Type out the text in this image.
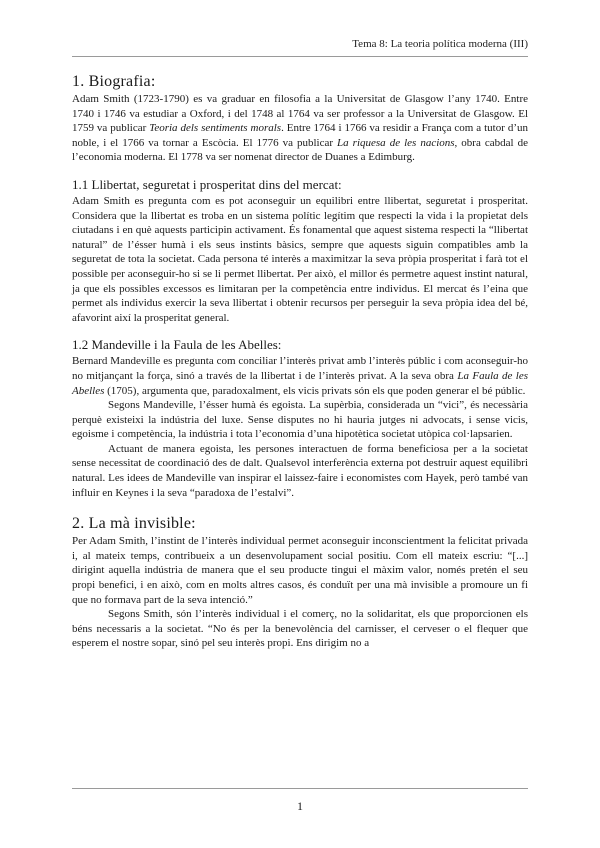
Tema 8: La teoria política moderna (III)
1. Biografia:

Adam Smith (1723-1790) es va graduar en filosofia a la Universitat de Glasgow l’any 1740. Entre 1740 i 1746 va estudiar a Oxford, i del 1748 al 1764 va ser professor a la Universitat de Glasgow. El 1759 va publicar Teoria dels sentiments morals. Entre 1764 i 1766 va residir a França com a tutor d’un noble, i el 1766 va tornar a Escòcia. El 1776 va publicar La riquesa de les nacions, obra cabdal de l’economia moderna. El 1778 va ser nomenat director de Duanes a Edimburg.

1.1 Llibertat, seguretat i prosperitat dins del mercat:

Adam Smith es pregunta com es pot aconseguir un equilibri entre llibertat, seguretat i prosperitat. Considera que la llibertat es troba en un sistema polític legítim que respecti la vida i la propietat dels ciutadans i en què aquests participin activament. És fonamental que aquest sistema respecti la “llibertat natural” de l’ésser humà i els seus instints bàsics, sempre que aquests siguin compatibles amb la seguretat de tota la societat. Cada persona té interès a maximitzar la seva pròpia prosperitat i farà tot el possible per aconseguir-ho si se li permet llibertat. Per això, el millor és permetre aquest instint natural, ja que els possibles excessos es limitaran per la competència entre individus. El mercat és l’eina que permet als individus exercir la seva llibertat i obtenir recursos per perseguir la seva pròpia idea del bé, afavorint així la prosperitat general.

1.2 Mandeville i la Faula de les Abelles:

Bernard Mandeville es pregunta com conciliar l’interès privat amb l’interès públic i com aconseguir-ho no mitjançant la força, sinó a través de la llibertat i de l’interès privat. A la seva obra La Faula de les Abelles (1705), argumenta que, paradoxalment, els vicis privats són els que poden generar el bé públic.

Segons Mandeville, l’ésser humà és egoista. La supèrbia, considerada un “vici”, és necessària perquè existeixi la indústria del luxe. Sense disputes no hi hauria jutges ni advocats, i sense vicis, egoisme i competència, la indústria i tota l’economia d’una hipotètica societat utòpica col·lapsarien.

Actuant de manera egoista, les persones interactuen de forma beneficiosa per a la societat sense necessitat de coordinació des de dalt. Qualsevol interferència externa pot destruir aquest equilibri natural. Les idees de Mandeville van inspirar el laissez-faire i economistes com Hayek, però també van influir en Keynes i la seva “paradoxa de l’estalvi”.

2. La mà invisible:

Per Adam Smith, l’instint de l’interès individual permet aconseguir inconscientment la felicitat privada i, al mateix temps, contribueix a un desenvolupament social positiu. Com ell mateix escriu: “[...] dirigint aquella indústria de manera que el seu producte tingui el màxim valor, només pretén el seu propi benefici, i en això, com en molts altres casos, és conduït per una mà invisible a promoure un fi que no formava part de la seva intenció.”

Segons Smith, són l’interès individual i el comerç, no la solidaritat, els que proporcionen els béns necessaris a la societat. “No és per la benevolència del carnisser, el cerveser o el flequer que esperem el nostre sopar, sinó pel seu interès propi. Ens dirigim no a

1
